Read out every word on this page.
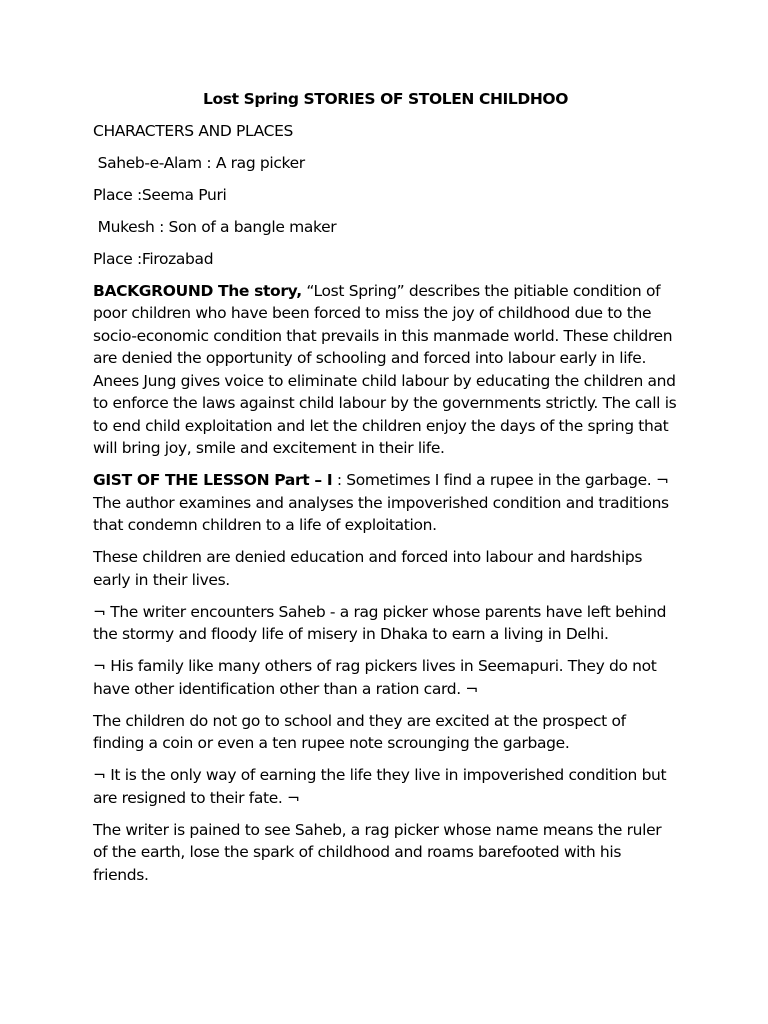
Lost Spring STORIES OF STOLEN CHILDHOO
CHARACTERS AND PLACES
Saheb-e-Alam : A rag picker
Place :Seema Puri
Mukesh : Son of a bangle maker
Place :Firozabad

BACKGROUND The story, “Lost Spring” describes the pitiable condition of poor children who have been forced to miss the joy of childhood due to the socio-economic condition that prevails in this manmade world. These children are denied the opportunity of schooling and forced into labour early in life. Anees Jung gives voice to eliminate child labour by educating the children and to enforce the laws against child labour by the governments strictly. The call is to end child exploitation and let the children enjoy the days of the spring that will bring joy, smile and excitement in their life.

GIST OF THE LESSON Part – I : Sometimes I find a rupee in the garbage. ¬ The author examines and analyses the impoverished condition and traditions that condemn children to a life of exploitation.

These children are denied education and forced into labour and hardships early in their lives.

¬ The writer encounters Saheb - a rag picker whose parents have left behind the stormy and floody life of misery in Dhaka to earn a living in Delhi.

¬ His family like many others of rag pickers lives in Seemapuri. They do not have other identification other than a ration card. ¬

The children do not go to school and they are excited at the prospect of finding a coin or even a ten rupee note scrounging the garbage.

¬ It is the only way of earning the life they live in impoverished condition but are resigned to their fate. ¬

The writer is pained to see Saheb, a rag picker whose name means the ruler of the earth, lose the spark of childhood and roams barefooted with his friends.
